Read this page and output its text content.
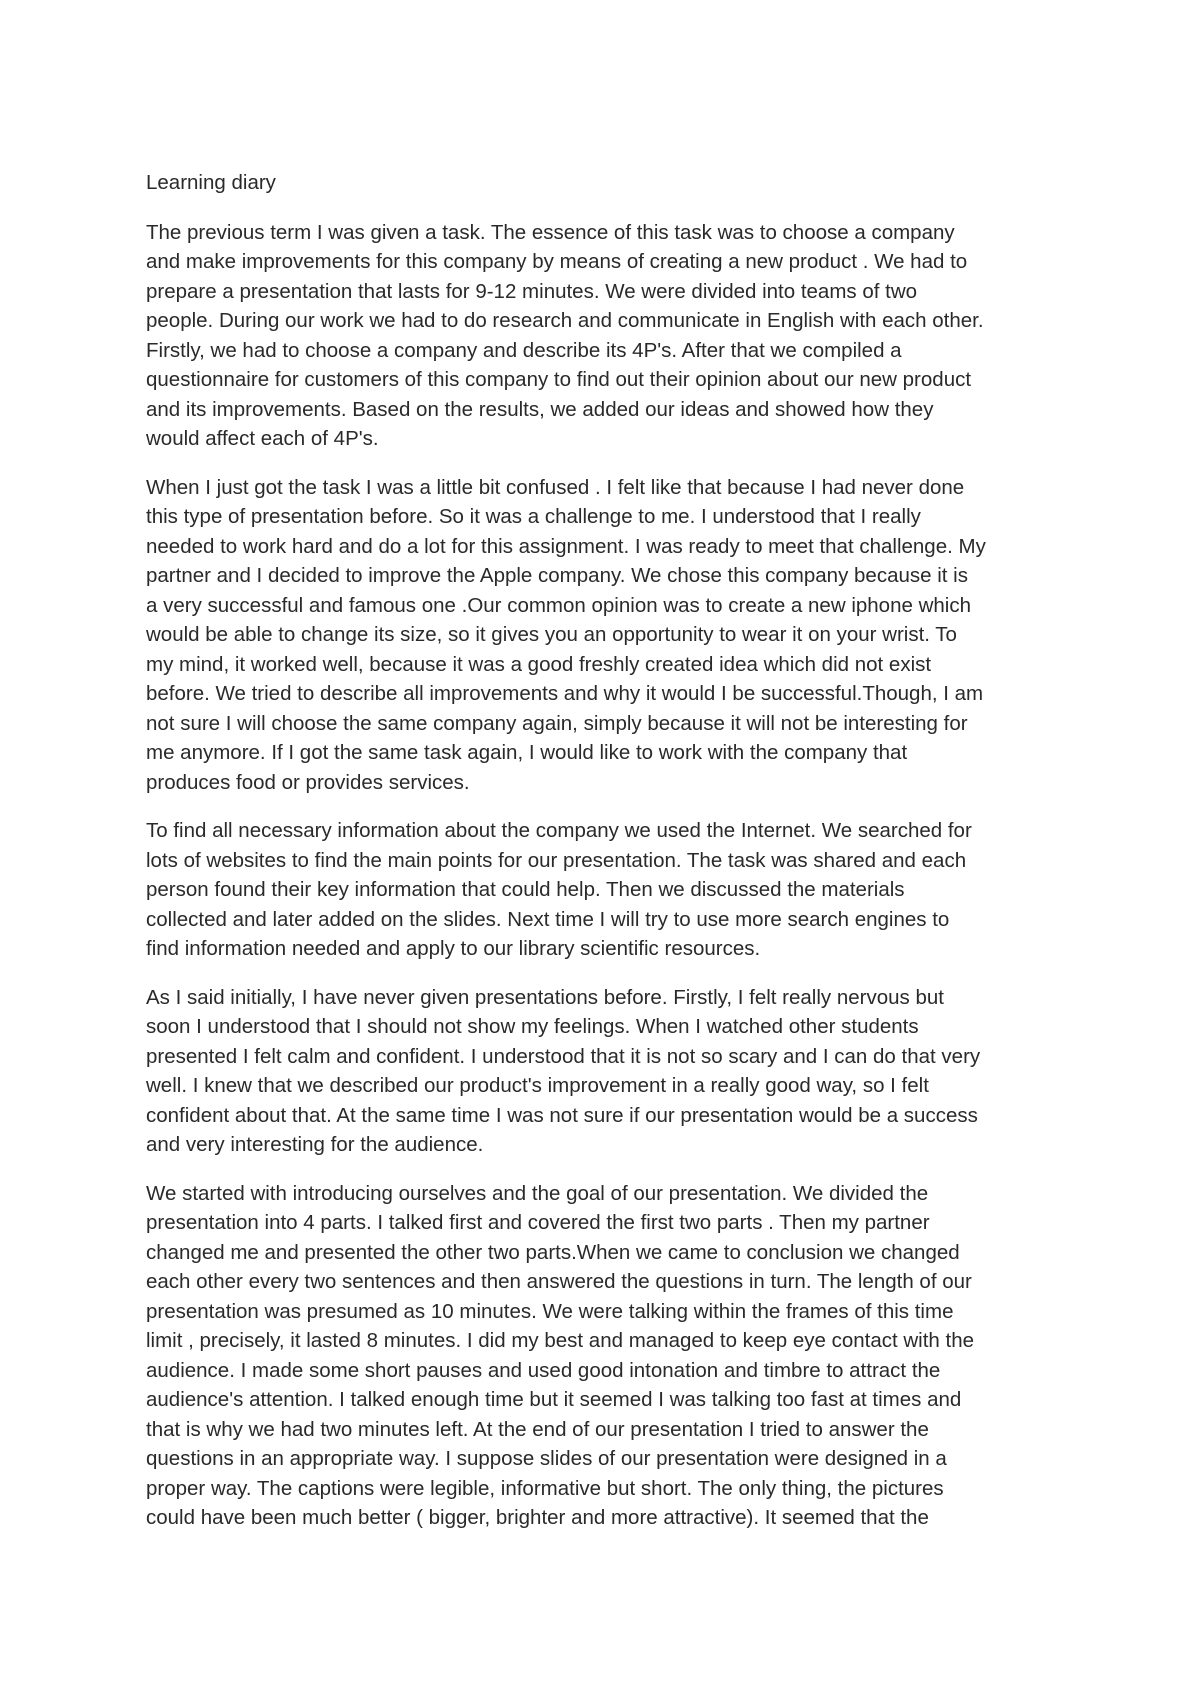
Learning diary
The previous term I was given a task. The essence of this task was to choose a company
and make improvements for this company by means of creating a new product . We had to
prepare a presentation that lasts for 9-12 minutes. We were divided into teams of two
people. During our work we had to do research and communicate in English with each other.
Firstly, we had to choose a company and describe its 4P's. After that we compiled a
questionnaire for customers of this company to find out their opinion about our new product
and its improvements. Based on the results, we added our ideas and showed how they
would affect each of 4P's.
When I just got the task I was a little bit confused . I felt like that because I had never done
this type of presentation before. So it was a challenge to me. I understood that I really
needed to work hard and do a lot for this assignment. I was ready to meet that challenge. My
partner and I decided to improve the Apple company. We chose this company because it is
a very successful and famous one .Our common opinion was to create a new iphone which
would be able to change its size, so it gives you an opportunity to wear it on your wrist. To
my mind, it worked well, because it was a good freshly created idea which did not exist
before. We tried to describe all improvements and why it would I be successful.Though, I am
not sure I will choose the same company again, simply because it will not be interesting for
me anymore. If I got the same task again, I would like to work with the company that
produces food or provides services.
To find all necessary information about the company we used the Internet. We searched for
lots of websites to find the main points for our presentation. The task was shared and each
person found their key information that could help. Then we discussed the materials
collected and later added on the slides. Next time I will try to use more search engines to
find information needed and apply to our library scientific resources.
As I said initially, I have never given presentations before. Firstly, I felt really nervous but
soon I understood that I should not show my feelings. When I watched other students
presented I felt calm and confident. I understood that it is not so scary and I can do that very
well. I knew that we described our product's improvement in a really good way, so I felt
confident about that. At the same time I was not sure if our presentation would be a success
and very interesting for the audience.
We started with introducing ourselves and the goal of our presentation. We divided the
presentation into 4 parts. I talked first and covered the first two parts . Then my partner
changed me and presented the other two parts.When we came to conclusion we changed
each other every two sentences and then answered the questions in turn. The length of our
presentation was presumed as 10 minutes. We were talking within the frames of this time
limit , precisely, it lasted 8 minutes. I did my best and managed to keep eye contact with the
audience. I made some short pauses and used good intonation and timbre to attract the
audience's attention. I talked enough time but it seemed I was talking too fast at times and
that is why we had two minutes left. At the end of our presentation I tried to answer the
questions in an appropriate way. I suppose slides of our presentation were designed in a
proper way. The captions were legible, informative but short. The only thing, the pictures
could have been much better ( bigger, brighter and more attractive). It seemed that the
